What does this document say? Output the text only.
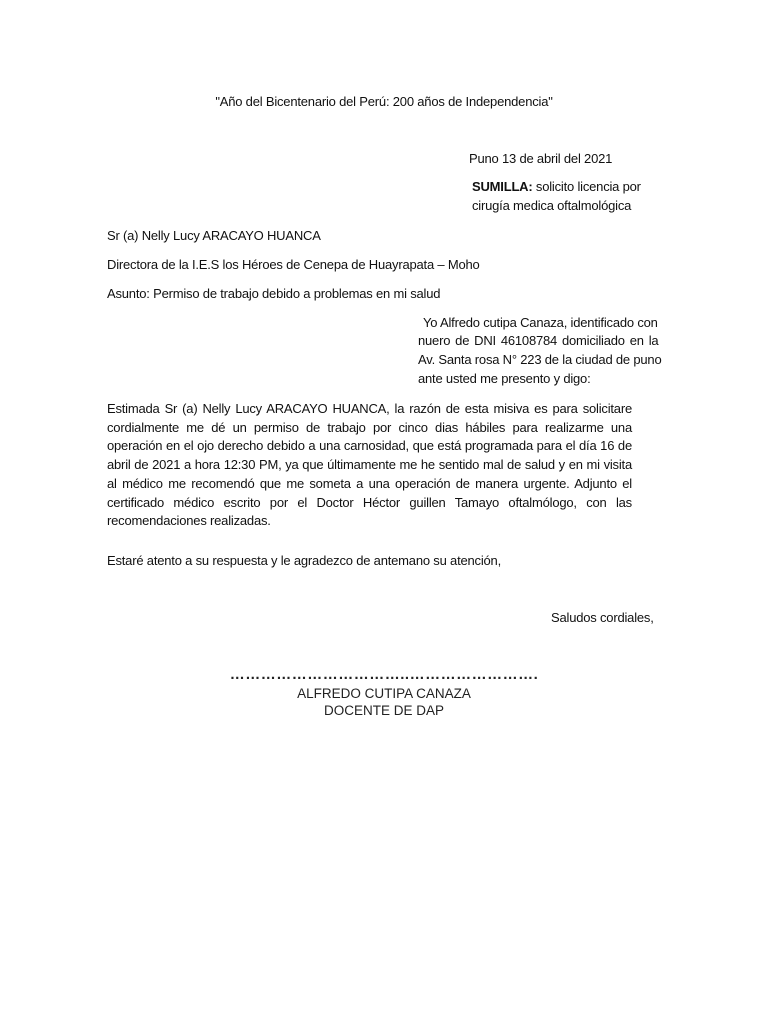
"Año del Bicentenario del Perú: 200 años de Independencia"
Puno 13 de abril del 2021
SUMILLA: solicito licencia por
cirugía medica oftalmológica
Sr (a) Nelly Lucy ARACAYO HUANCA
Directora de la I.E.S los Héroes de Cenepa de Huayrapata – Moho
Asunto: Permiso de trabajo debido a problemas en mi salud
Yo Alfredo cutipa Canaza, identificado con
nuero de DNI 46108784 domiciliado en la
Av. Santa rosa N° 223 de la ciudad de puno
ante usted me presento y digo:
Estimada Sr (a) Nelly Lucy ARACAYO HUANCA, la razón de esta misiva es para solicitare cordialmente me dé un permiso de trabajo por cinco dias hábiles para realizarme una operación en el ojo derecho debido a una carnosidad, que está programada para el día 16 de abril de 2021 a hora 12:30 PM, ya que últimamente me he sentido mal de salud y en mi visita al médico me recomendó que me someta a una operación de manera urgente. Adjunto el certificado médico escrito por el Doctor Héctor guillen Tamayo oftalmólogo, con las recomendaciones realizadas.
Estaré atento a su respuesta y le agradezco de antemano su atención,
Saludos cordiales,
……………………………..…………………….
ALFREDO CUTIPA CANAZA
DOCENTE DE DAP
